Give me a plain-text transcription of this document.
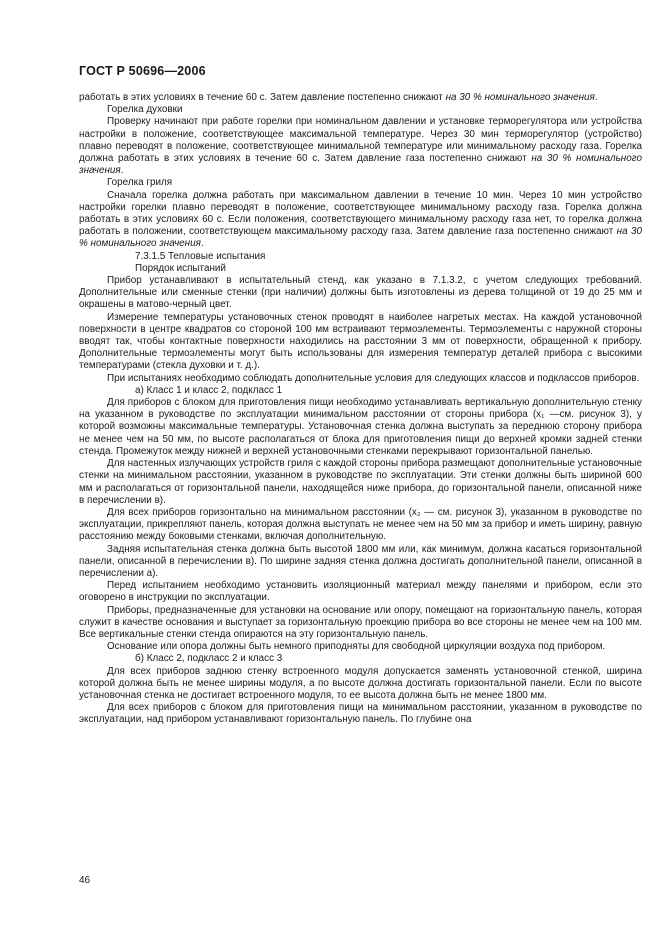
ГОСТ Р 50696—2006

работать в этих условиях в течение 60 с. Затем давление постепенно снижают на 30 % номинального значения.

Горелка духовки

Проверку начинают при работе горелки при номинальном давлении и установке терморегулятора или устройства настройки в положение, соответствующее максимальной температуре. Через 30 мин терморегулятор (устройство) плавно переводят в положение, соответствующее минимальной температуре или минимальному расходу газа. Горелка должна работать в этих условиях в течение 60 с. Затем давление газа постепенно снижают на 30 % номинального значения.

Горелка гриля

Сначала горелка должна работать при максимальном давлении в течение 10 мин. Через 10 мин устройство настройки горелки плавно переводят в положение, соответствующее минимальному расходу газа. Горелка должна работать в этих условиях 60 с. Если положения, соответствующего минимальному расходу газа нет, то горелка должна работать в положении, соответствующем максимальному расходу газа. Затем давление газа постепенно снижают на 30 % номинального значения.

7.3.1.5 Тепловые испытания

Порядок испытаний

Прибор устанавливают в испытательный стенд, как указано в 7.1.3.2, с учетом следующих требований. Дополнительные или сменные стенки (при наличии) должны быть изготовлены из дерева толщиной от 19 до 25 мм и окрашены в матово-черный цвет.

Измерение температуры установочных стенок проводят в наиболее нагретых местах. На каждой установочной поверхности в центре квадратов со стороной 100 мм встраивают термоэлементы. Термоэлементы с наружной стороны вводят так, чтобы контактные поверхности находились на расстоянии 3 мм от поверхности, обращенной к прибору. Дополнительные термоэлементы могут быть использованы для измерения температур деталей прибора с высокими температурами (стекла духовки и т. д.).

При испытаниях необходимо соблюдать дополнительные условия для следующих классов и подклассов приборов.

а) Класс 1 и класс 2, подкласс 1

Для приборов с блоком для приготовления пищи необходимо устанавливать вертикальную дополнительную стенку на указанном в руководстве по эксплуатации минимальном расстоянии от стороны прибора (x₁ —см. рисунок 3), у которой возможны максимальные температуры. Установочная стенка должна выступать за переднюю сторону прибора не менее чем на 50 мм, по высоте располагаться от блока для приготовления пищи до верхней кромки задней стенки стенда. Промежуток между нижней и верхней установочными стенками перекрывают горизонтальной панелью.

Для настенных излучающих устройств гриля с каждой стороны прибора размещают дополнительные установочные стенки на минимальном расстоянии, указанном в руководстве по эксплуатации. Эти стенки должны быть шириной 600 мм и располагаться от горизонтальной панели, находящейся ниже прибора, до горизонтальной панели, описанной ниже в перечислении в).

Для всех приборов горизонтально на минимальном расстоянии (x₂ — см. рисунок 3), указанном в руководстве по эксплуатации, прикрепляют панель, которая должна выступать не менее чем на 50 мм за прибор и иметь ширину, равную расстоянию между боковыми стенками, включая дополнительную.

Задняя испытательная стенка должна быть высотой 1800 мм или, как минимум, должна касаться горизонтальной панели, описанной в перечислении в). По ширине задняя стенка должна достигать дополнительной панели, описанной в перечислении а).

Перед испытанием необходимо установить изоляционный материал между панелями и прибором, если это оговорено в инструкции по эксплуатации.

Приборы, предназначенные для установки на основание или опору, помещают на горизонтальную панель, которая служит в качестве основания и выступает за горизонтальную проекцию прибора во все стороны не менее чем на 100 мм. Все вертикальные стенки стенда опираются на эту горизонтальную панель.

Основание или опора должны быть немного приподняты для свободной циркуляции воздуха под прибором.

б) Класс 2, подкласс 2 и класс 3

Для всех приборов заднюю стенку встроенного модуля допускается заменять установочной стенкой, ширина которой должна быть не менее ширины модуля, а по высоте должна достигать горизонтальной панели. Если по высоте установочная стенка не достигает встроенного модуля, то ее высота должна быть не менее 1800 мм.

Для всех приборов с блоком для приготовления пищи на минимальном расстоянии, указанном в руководстве по эксплуатации, над прибором устанавливают горизонтальную панель. По глубине она

46
